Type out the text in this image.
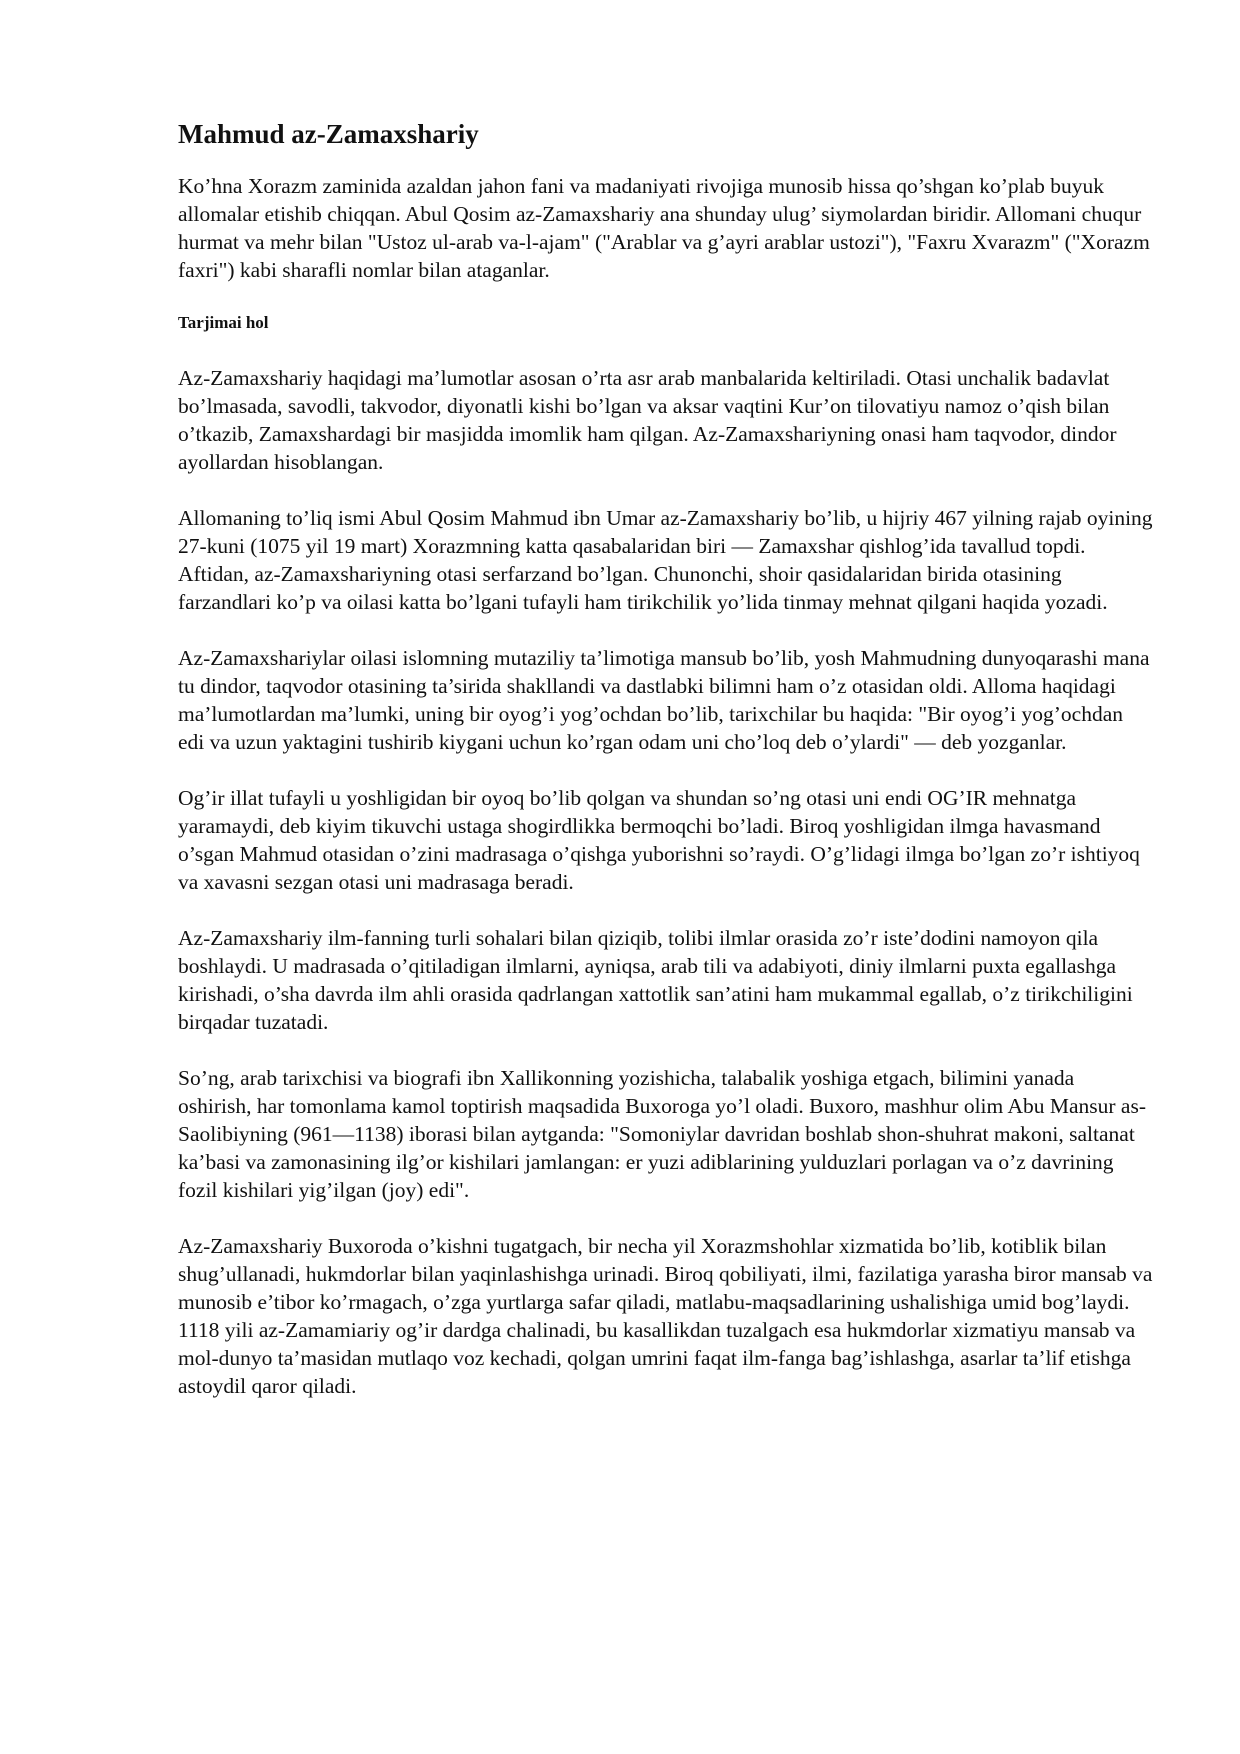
Mahmud az-Zamaxshariy

Ko’hna Xorazm zaminida azaldan jahon fani va madaniyati rivojiga munosib hissa qo’shgan ko’plab buyuk allomalar etishib chiqqan. Abul Qosim az-Zamaxshariy ana shunday ulug’ siymolardan biridir. Allomani chuqur hurmat va mehr bilan "Ustoz ul-arab va-l-ajam" ("Arablar va g’ayri arablar ustozi"), "Faxru Xvarazm" ("Xorazm faxri") kabi sharafli nomlar bilan ataganlar.

Tarjimai hol

Az-Zamaxshariy haqidagi ma’lumotlar asosan o’rta asr arab manbalarida keltiriladi. Otasi unchalik badavlat bo’lmasada, savodli, takvodor, diyonatli kishi bo’lgan va aksar vaqtini Kur’on tilovatiyu namoz o’qish bilan o’tkazib, Zamaxshardagi bir masjidda imomlik ham qilgan. Az-Zamaxshariyning onasi ham taqvodor, dindor ayollardan hisoblangan.

Allomaning to’liq ismi Abul Qosim Mahmud ibn Umar az-Zamaxshariy bo’lib, u hijriy 467 yilning rajab oyining 27-kuni (1075 yil 19 mart) Xorazmning katta qasabalaridan biri — Zamaxshar qishlog’ida tavallud topdi. Aftidan, az-Zamaxshariyning otasi serfarzand bo’lgan. Chunonchi, shoir qasidalaridan birida otasining farzandlari ko’p va oilasi katta bo’lgani tufayli ham tirikchilik yo’lida tinmay mehnat qilgani haqida yozadi.

Az-Zamaxshariylar oilasi islomning mutaziliy ta’limotiga mansub bo’lib, yosh Mahmudning dunyoqarashi mana tu dindor, taqvodor otasining ta’sirida shakllandi va dastlabki bilimni ham o’z otasidan oldi. Alloma haqidagi ma’lumotlardan ma’lumki, uning bir oyog’i yog’ochdan bo’lib, tarixchilar bu haqida: "Bir oyog’i yog’ochdan edi va uzun yaktagini tushirib kiygani uchun ko’rgan odam uni cho’loq deb o’ylardi" — deb yozganlar.

Og’ir illat tufayli u yoshligidan bir oyoq bo’lib qolgan va shundan so’ng otasi uni endi OG’IR mehnatga yaramaydi, deb kiyim tikuvchi ustaga shogirdlikka bermoqchi bo’ladi. Biroq yoshligidan ilmga havasmand o’sgan Mahmud otasidan o’zini madrasaga o’qishga yuborishni so’raydi. O’g’lidagi ilmga bo’lgan zo’r ishtiyoq va xavasni sezgan otasi uni madrasaga beradi.

Az-Zamaxshariy ilm-fanning turli sohalari bilan qiziqib, tolibi ilmlar orasida zo’r iste’dodini namoyon qila boshlaydi. U madrasada o’qitiladigan ilmlarni, ayniqsa, arab tili va adabiyoti, diniy ilmlarni puxta egallashga kirishadi, o’sha davrda ilm ahli orasida qadrlangan xattotlik san’atini ham mukammal egallab, o’z tirikchiligini birqadar tuzatadi.

So’ng, arab tarixchisi va biografi ibn Xallikonning yozishicha, talabalik yoshiga etgach, bilimini yanada oshirish, har tomonlama kamol toptirish maqsadida Buxoroga yo’l oladi. Buxoro, mashhur olim Abu Mansur as-Saolibiyning (961—1138) iborasi bilan aytganda: "Somoniylar davridan boshlab shon-shuhrat makoni, saltanat ka’basi va zamonasining ilg’or kishilari jamlangan: er yuzi adiblarining yulduzlari porlagan va o’z davrining fozil kishilari yig’ilgan (joy) edi".

Az-Zamaxshariy Buxoroda o’kishni tugatgach, bir necha yil Xorazmshohlar xizmatida bo’lib, kotiblik bilan shug’ullanadi, hukmdorlar bilan yaqinlashishga urinadi. Biroq qobiliyati, ilmi, fazilatiga yarasha biror mansab va munosib e’tibor ko’rmagach, o’zga yurtlarga safar qiladi, matlabu-maqsadlarining ushalishiga umid bog’laydi. 1118 yili az-Zamamiariy og’ir dardga chalinadi, bu kasallikdan tuzalgach esa hukmdorlar xizmatiyu mansab va mol-dunyo ta’masidan mutlaqo voz kechadi, qolgan umrini faqat ilm-fanga bag’ishlashga, asarlar ta’lif etishga astoydil qaror qiladi.
